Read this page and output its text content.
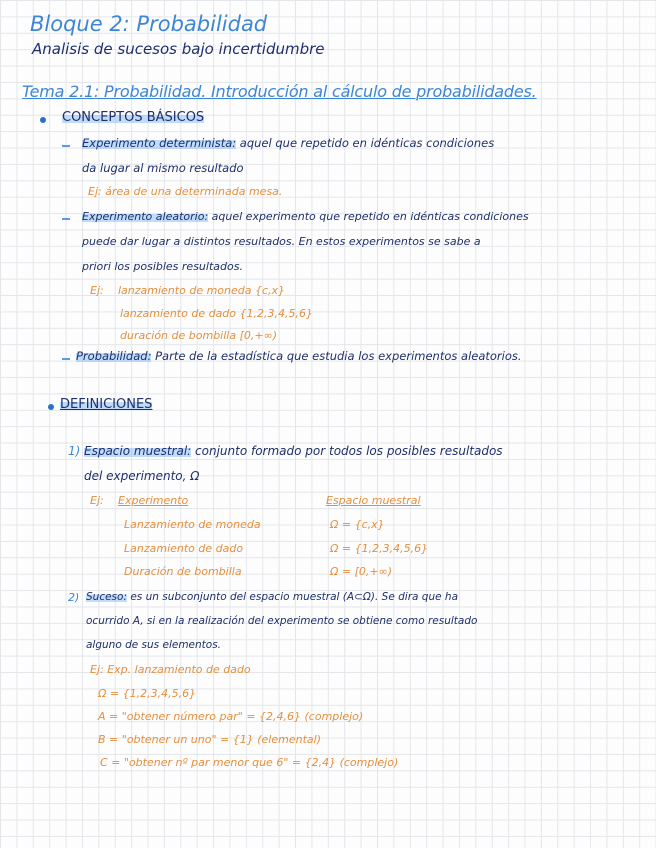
Bloque 2: Probabilidad
Analisis de sucesos bajo incertidumbre
Tema 2.1: Probabilidad. Introducción al cálculo de probabilidades.
CONCEPTOS BÁSICOS
Experimento determinista: aquel que repetido en idénticas condiciones
da lugar al mismo resultado
Ej: área de una determinada mesa.
Experimento aleatorio: aquel experimento que repetido en idénticas condiciones
puede dar lugar a distintos resultados. En estos experimentos se sabe a
priori los posibles resultados.
Ej: lanzamiento de moneda {c,x}
lanzamiento de dado {1,2,3,4,5,6}
duración de bombilla [0,+∞)
Probabilidad: Parte de la estadística que estudia los experimentos aleatorios.
DEFINICIONES
1) Espacio muestral: conjunto formado por todos los posibles resultados
del experimento, Ω
Ej: Experimento	Espacio muestral
Lanzamiento de moneda	Ω = {c,x}
Lanzamiento de dado	Ω = {1,2,3,4,5,6}
Duración de bombilla	Ω = [0,+∞)
2) Suceso: es un subconjunto del espacio muestral (A⊂Ω). Se dira que ha
ocurrido A, si en la realización del experimento se obtiene como resultado
alguno de sus elementos.
Ej: Exp. lanzamiento de dado
Ω = {1,2,3,4,5,6}
A = "obtener número par" = {2,4,6} (complejo)
B = "obtener un uno" = {1} (elemental)
C = "obtener nº par menor que 6" = {2,4} (complejo)
